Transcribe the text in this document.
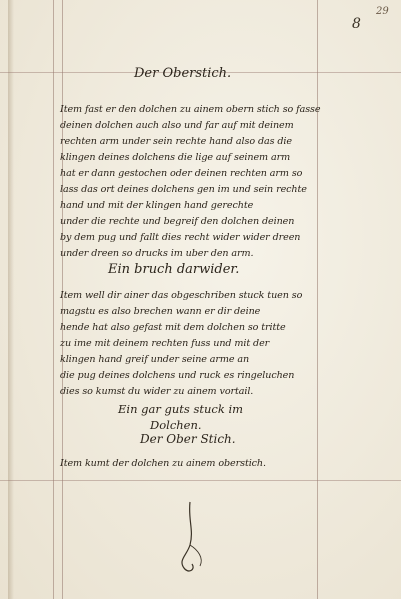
8
29
Der Oberstich.
Item fast er den dolchen zu ainem obern stich so fasse
deinen dolchen auch also und far auf mit deinem
rechten arm under sein rechte hand also das die
klingen deines dolchens die lige auf seinem arm
hat er dann gestochen oder deinen rechten arm so
lass das ort deines dolchens gen im und sein rechte
hand und mit der klingen hand gerechte
under die rechte und begreif den dolchen deinen
by dem pug und fallt dies recht wider wider dreen
under dreen so drucks im uber den arm.
Ein bruch darwider.
Item well dir ainer das obgeschriben stuck tuen so
magstu es also brechen wann er dir deine
hende hat also gefast mit dem dolchen so tritte
zu ime mit deinem rechten fuss und mit der
klingen hand greif under seine arme an
die pug deines dolchens und ruck es ringeluchen
dies so kumst du wider zu ainem vortail.
Ein gar guts stuck im
Dolchen.
Der Ober Stich.
Item kumt der dolchen zu ainem oberstich.
